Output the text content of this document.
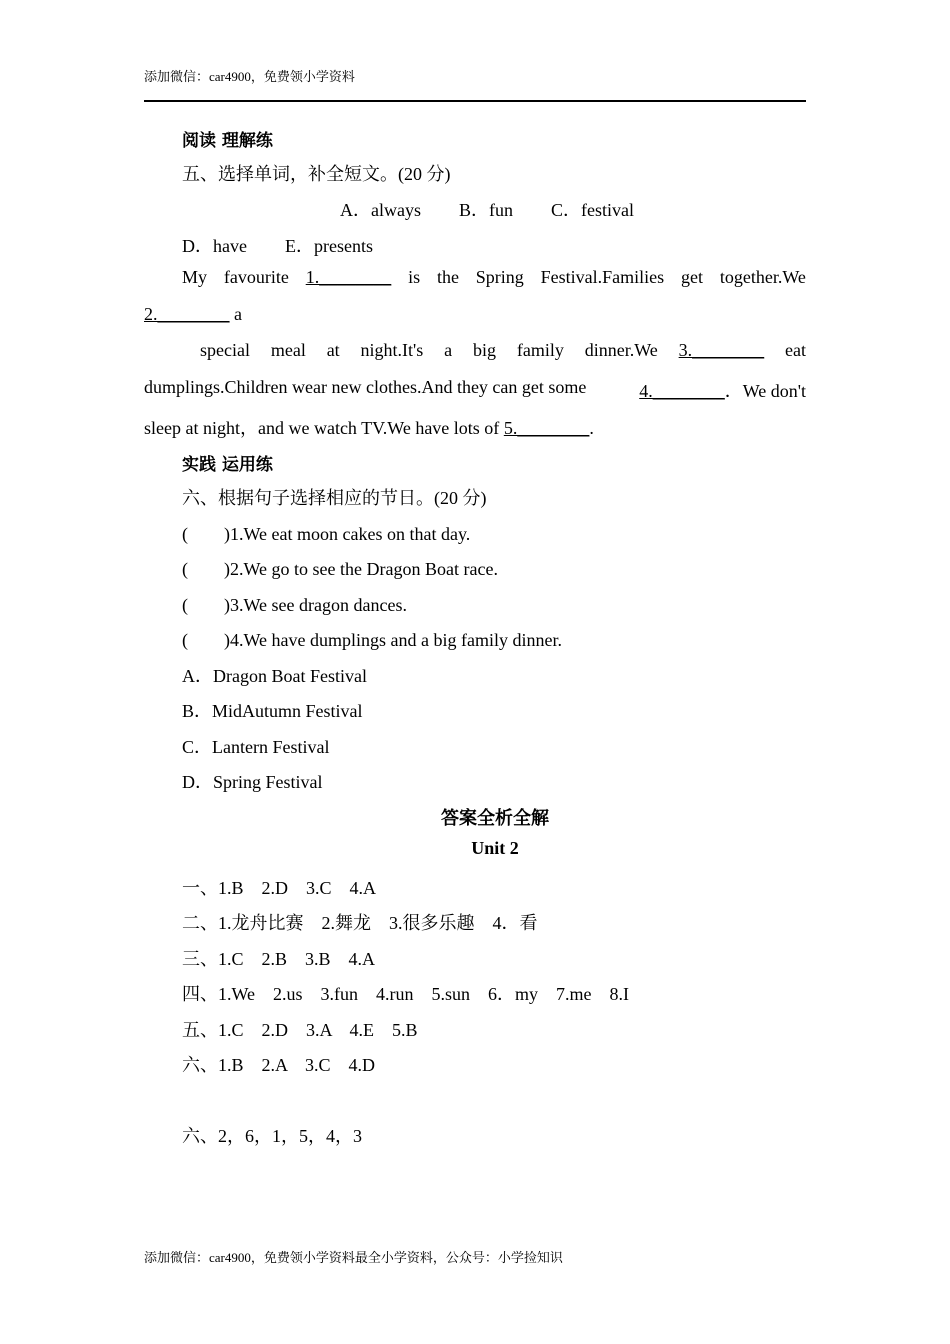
添加微信：car4900，免费领小学资料
阅读 理解练
五、选择单词，补全短文。(20 分)
A．always B．fun C．festival
D．have E．presents
My favourite 1.________ is the Spring Festival.Families get together.We
2.________ a
special meal at night.It's a big family dinner.We 3.________ eat
dumplings.Children wear new clothes.And they can get some	4.________．We don't
sleep at night，and we watch TV.We have lots of 5.________.
实践 运用练
六、根据句子选择相应的节日。(20 分)
(　　)1.We eat moon cakes on that day.
(　　)2.We go to see the Dragon Boat race.
(　　)3.We see dragon dances.
(　　)4.We have dumplings and a big family dinner.
A．Dragon Boat Festival
B．MidAutumn Festival
C．Lantern Festival
D．Spring Festival
答案全析全解
Unit 2
一、1.B　2.D　3.C　4.A
二、1.龙舟比赛　2.舞龙　3.很多乐趣　4．看
三、1.C　2.B　3.B　4.A
四、1.We　2.us　3.fun　4.run　5.sun　6．my　7.me　8.I
五、1.C　2.D　3.A　4.E　5.B
六、1.B　2.A　3.C　4.D
六、2，6，1，5，4，3
添加微信：car4900，免费领小学资料最全小学资料，公众号：小学捡知识
